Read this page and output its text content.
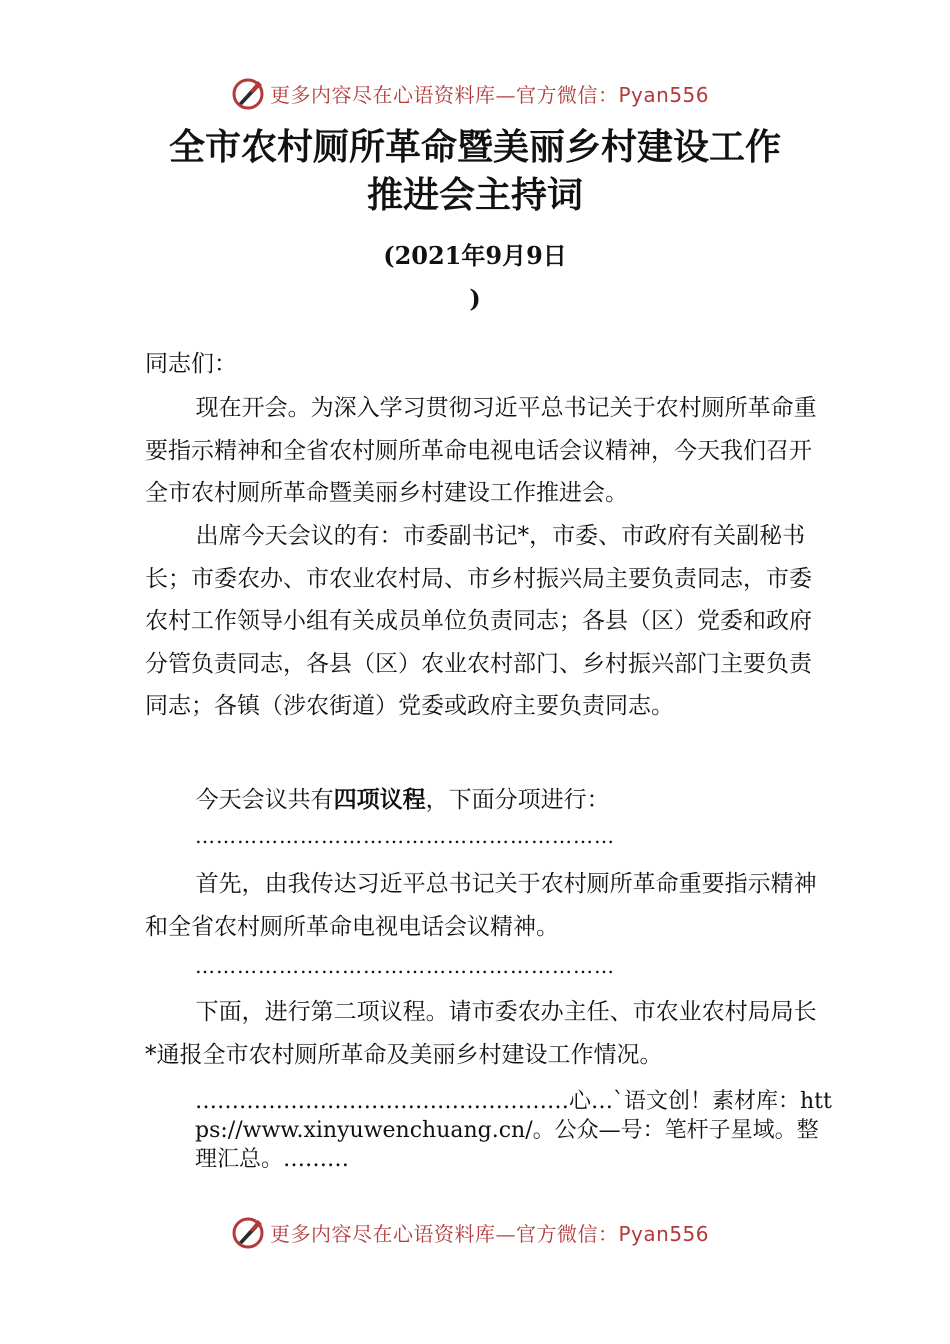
更多内容尽在心语资料库—官方微信：Pyan556
全市农村厕所革命暨美丽乡村建设工作
推进会主持词
(2021年9月9日
)

同志们：

现在开会。为深入学习贯彻习近平总书记关于农村厕所革命重要指示精神和全省农村厕所革命电视电话会议精神，今天我们召开全市农村厕所革命暨美丽乡村建设工作推进会。

出席今天会议的有：市委副书记*，市委、市政府有关副秘书长；市委农办、市农业农村局、市乡村振兴局主要负责同志，市委农村工作领导小组有关成员单位负责同志；各县（区）党委和政府分管负责同志，各县（区）农业农村部门、乡村振兴部门主要负责同志；各镇（涉农街道）党委或政府主要负责同志。

今天会议共有四项议程，下面分项进行：

……………………………………………………

首先，由我传达习近平总书记关于农村厕所革命重要指示精神和全省农村厕所革命电视电话会议精神。

……………………………………………………

下面，进行第二项议程。请市委农办主任、市农业农村局局长*通报全市农村厕所革命及美丽乡村建设工作情况。

……………………………………………心…`语文创！素材库：https://www.xinyuwenchuang.cn/。公众—号：笔杆子星域。整理汇总。………

更多内容尽在心语资料库—官方微信：Pyan556
